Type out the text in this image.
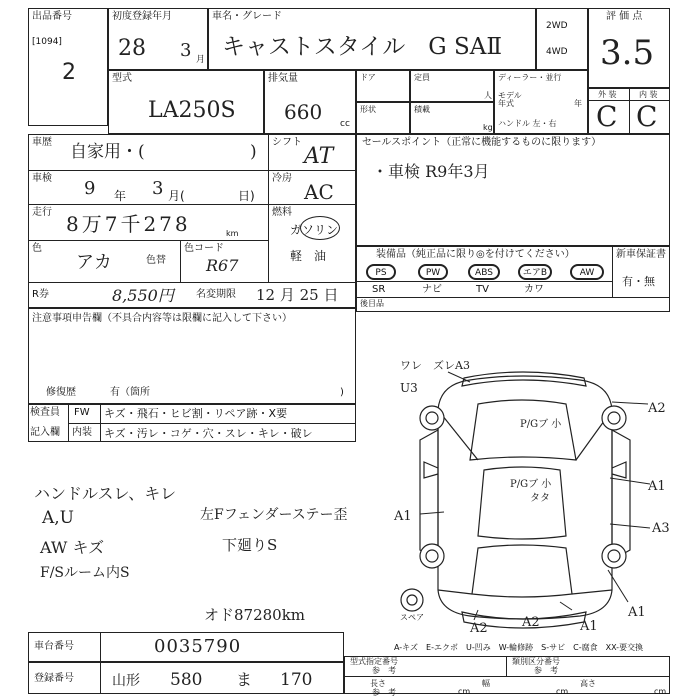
出品番号
[1094]
2
初度登録年月
28 3 月
車名・グレード
キャストスタイル　G SAⅡ
2WD
4WD
評 価 点
3.5
外 装	内 装
C C
型式
LA250S
排気量
660 cc
ドア	定員
人
形状	積載
kg
ディーラー・並行
モデル
年式	年
ハンドル 左・右
車歴 自家用・(	)
車検 9 年 3 月(	日)
走行 8万7千278	km
色
アカ	色替
色コード
R67
シフト
AT
冷房
AC
燃料
ガソリン
軽　油
R券	8,550円 名変期限 12 月 25 日
セールスポイント（正常に機能するものに限ります）
・車検 R9年3月
装備品（純正品に限り◎を付けてください）	新車保証書
有・無
PS	PW	ABS	エアB	AW
SR	ナビ	TV	カワ
後目品
注意事項申告欄（不具合内容等は限欄に記入して下さい）
修復歴	有（箇所	)
検査員
記入欄
FW キズ・飛石・ヒビ割・リペア跡・X要
内装 キズ・汚レ・コゲ・穴・スレ・キレ・破レ
ハンドルスレ、キレ
A,U
AW キズ
F/Sルーム内S
左Fフェンダーステー歪
下廻りS
オド87280km
ワレ　ズレA3
U3
A2
A1
A3
A1
A1
A1
A2	A2
P/Gブ 小
P/Gブ 小
タタ
スペア
A-キズ　E-エクボ　U-凹み　W-輪修跡　S-サビ　C-腐食　XX-要交換
車台番号	0035790
登録番号	山形 580 ま 170
型式指定番号
参　考
類別区分番号
参　考
長さ	幅	高さ
参　考	cm	cm	cm
